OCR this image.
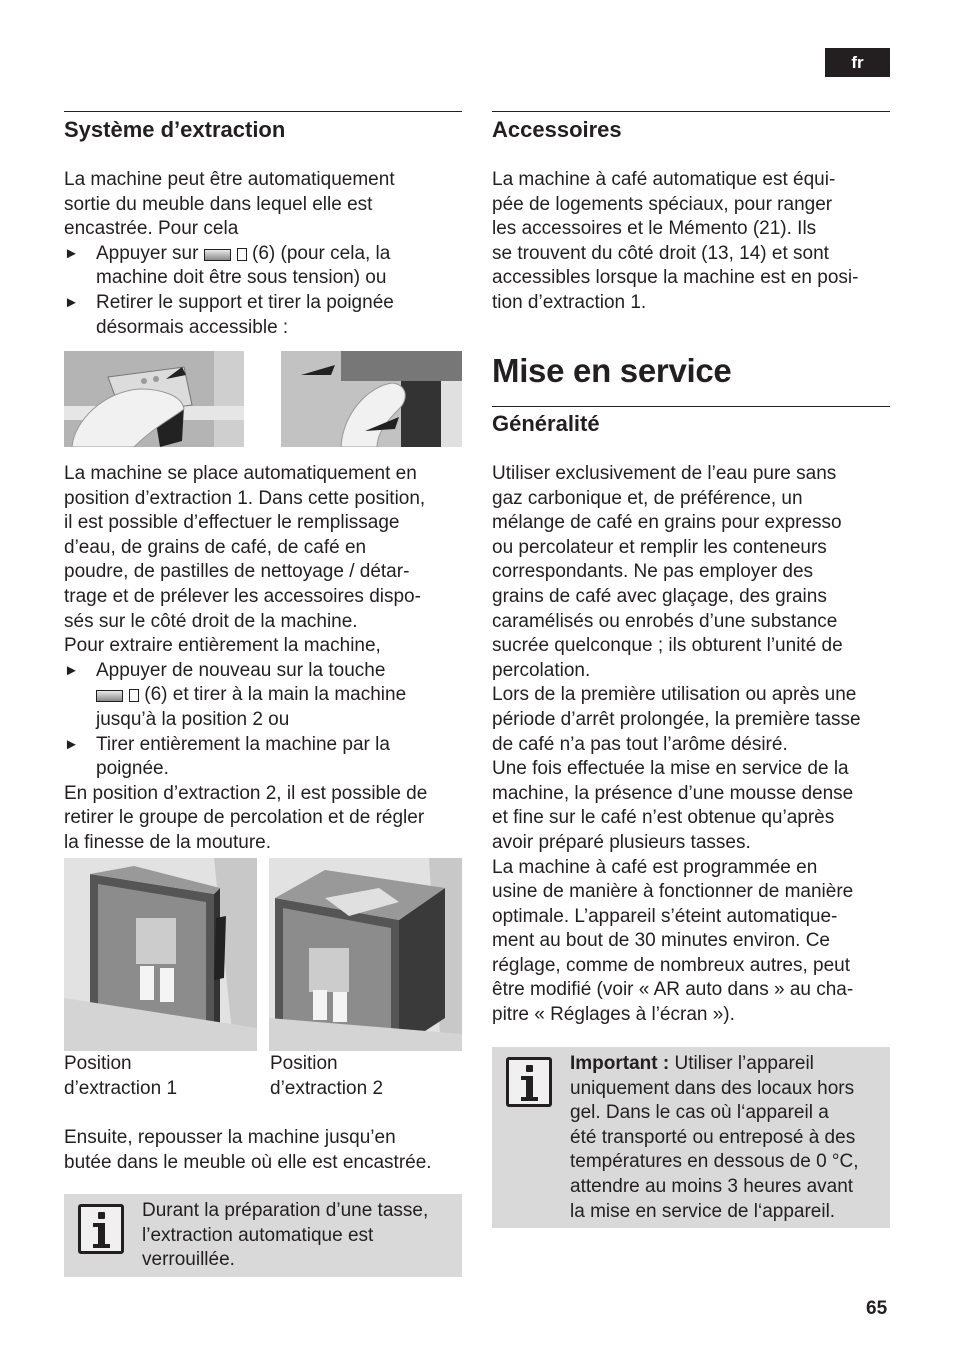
fr
Système d’extraction
La machine peut être automatiquement
sortie du meuble dans lequel elle est
encastrée. Pour cela
► Appuyer sur	(6) (pour cela, la
machine doit être sous tension) ou
► Retirer le support et tirer la poignée
désormais accessible :
La machine se place automatiquement en
position d’extraction 1. Dans cette position,
il est possible d’effectuer le remplissage
d’eau, de grains de café, de café en
poudre, de pastilles de nettoyage / détar-
trage et de prélever les accessoires dispo-
sés sur le côté droit de la machine.
Pour extraire entièrement la machine,
► Appuyer de nouveau sur la touche
(6) et tirer à la main la machine
jusqu’à la position 2 ou
► Tirer entièrement la machine par la
poignée.
En position d’extraction 2, il est possible de
retirer le groupe de percolation et de régler
la finesse de la mouture.
Position
d’extraction 1
Position
d’extraction 2
Ensuite, repousser la machine jusqu’en
butée dans le meuble où elle est encastrée.
Durant la préparation d’une tasse,
l’extraction automatique est
verrouillée.
Accessoires
La machine à café automatique est équi-
pée de logements spéciaux, pour ranger
les accessoires et le Mémento (21). Ils
se trouvent du côté droit (13, 14) et sont
accessibles lorsque la machine est en posi-
tion d’extraction 1.
Mise en service
Généralité
Utiliser exclusivement de l’eau pure sans
gaz carbonique et, de préférence, un
mélange de café en grains pour expresso
ou percolateur et remplir les conteneurs
correspondants. Ne pas employer des
grains de café avec glaçage, des grains
caramélisés ou enrobés d’une substance
sucrée quelconque ; ils obturent l’unité de
percolation.
Lors de la première utilisation ou après une
période d’arrêt prolongée, la première tasse
de café n’a pas tout l’arôme désiré.
Une fois effectuée la mise en service de la
machine, la présence d’une mousse dense
et fine sur le café n’est obtenue qu’après
avoir préparé plusieurs tasses.
La machine à café est programmée en
usine de manière à fonctionner de manière
optimale. L’appareil s’éteint automatique-
ment au bout de 30 minutes environ. Ce
réglage, comme de nombreux autres, peut
être modifié (voir « AR auto dans » au cha-
pitre « Réglages à l’écran »).
Important : Utiliser l’appareil
uniquement dans des locaux hors
gel. Dans le cas où l‘appareil a
été transporté ou entreposé à des
températures en dessous de 0 °C,
attendre au moins 3 heures avant
la mise en service de l‘appareil.
65
